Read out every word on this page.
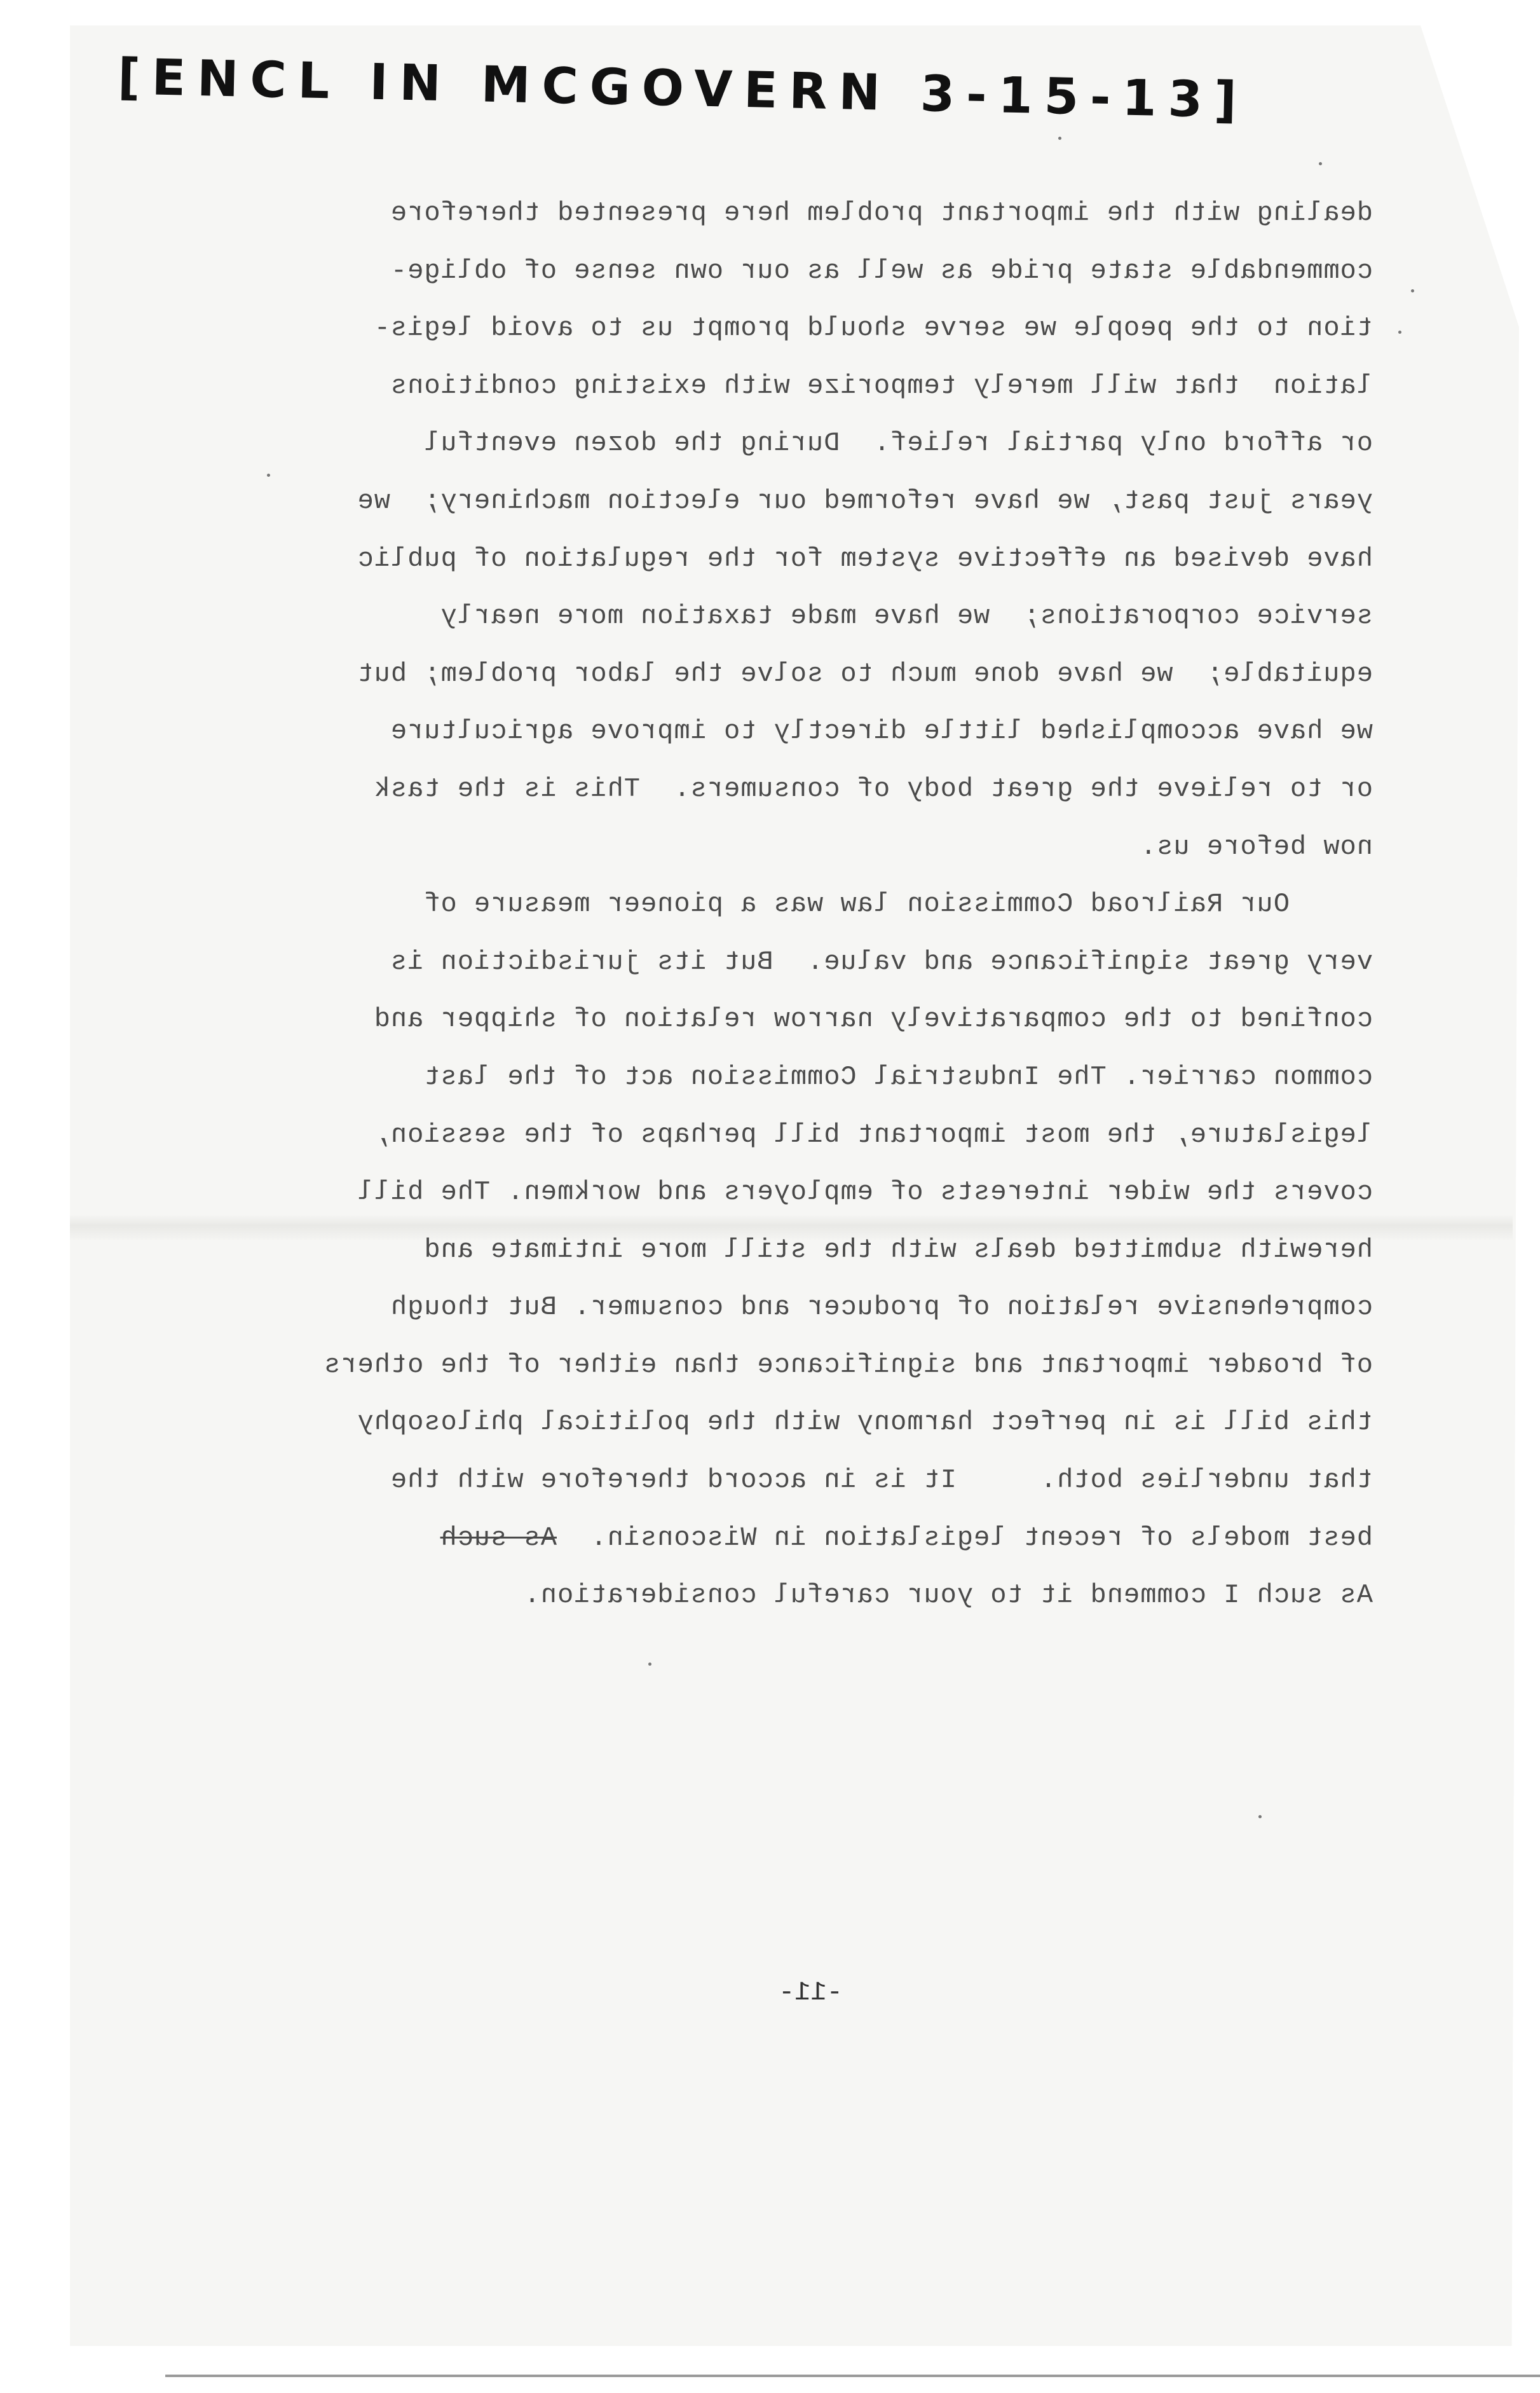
[ENCL IN MCGOVERN 3-15-13]
dealing with the important problem here presented therefore
commendable state pride as well as our own sense of oblige-
tion to the people we serve should prompt us to avoid legis-
lation  that will merely temporize with existing conditions
or afford only partial relief.  During the dozen eventful
years just past, we have reformed our election machinery;  we
have devised an effective system for the regulation of public
service corporations;  we have made taxation more nearly
equitable;  we have done much to solve the labor problem; but
we have accomplished little directly to improve agriculture
or to relieve the great body of consumers.  This is the task
now before us.
Our Railroad Commission law was a pioneer measure of
very great significance and value.  But its jurisdiction is
confined to the comparatively narrow relation of shipper and
common carrier. The Industrial Commission act of the last
legislature, the most important bill perhaps of the session,
covers the wider interests of employers and workmen. The bill
herewith submitted deals with the still more intimate and
comprehensive relation of producer and consumer. But though
of broader important and significance than either of the others
this bill is in perfect harmony with the political philosophy
that underlies both.     It is in accord therefore with the
best models of recent legislation in Wisconsin.  As such
As such I commend it to your careful consideration.
-11-
